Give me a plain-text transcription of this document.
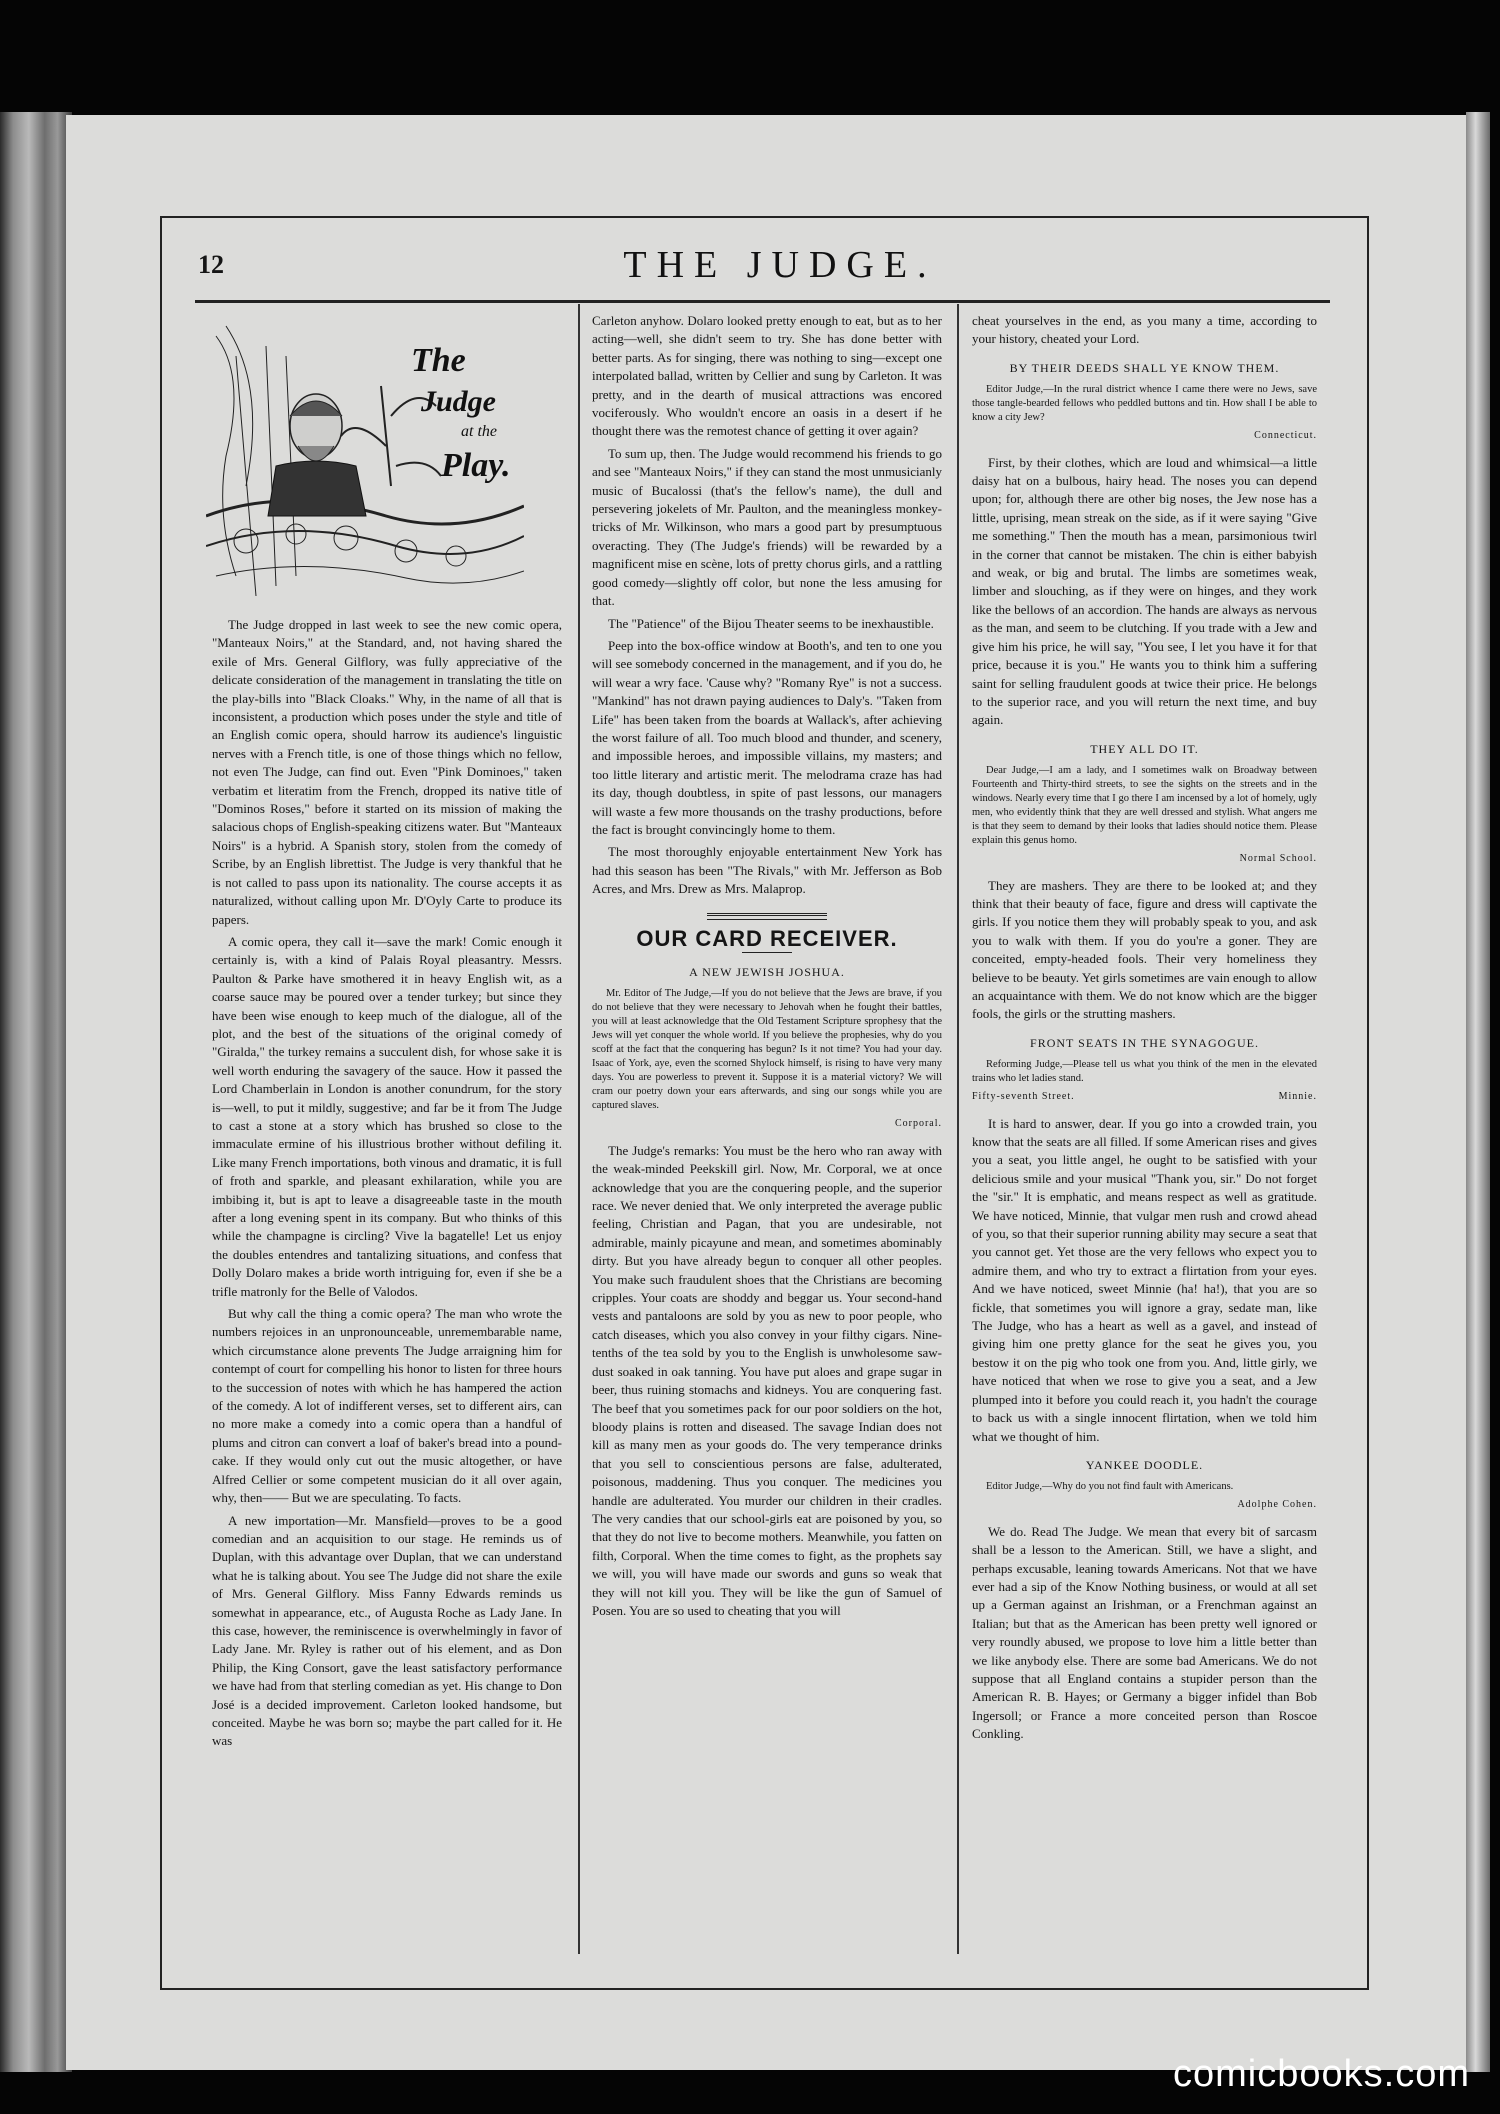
12	THE JUDGE.
The
Judge
at the
Play.

The Judge dropped in last week to see the new comic opera, "Manteaux Noirs," at the Standard, and, not having shared the exile of Mrs. General Gilflory, was fully appreciative of the delicate consideration of the management in translating the title on the play-bills into "Black Cloaks." Why, in the name of all that is inconsistent, a production which poses under the style and title of an English comic opera, should harrow its audience's linguistic nerves with a French title, is one of those things which no fellow, not even The Judge, can find out. Even "Pink Dominoes," taken verbatim et literatim from the French, dropped its native title of "Dominos Roses," before it started on its mission of making the salacious chops of English-speaking citizens water. But "Manteaux Noirs" is a hybrid. A Spanish story, stolen from the comedy of Scribe, by an English librettist. The Judge is very thankful that he is not called to pass upon its nationality. The course accepts it as naturalized, without calling upon Mr. D'Oyly Carte to produce its papers.

A comic opera, they call it—save the mark! Comic enough it certainly is, with a kind of Palais Royal pleasantry. Messrs. Paulton & Parke have smothered it in heavy English wit, as a coarse sauce may be poured over a tender turkey; but since they have been wise enough to keep much of the dialogue, all of the plot, and the best of the situations of the original comedy of "Giralda," the turkey remains a succulent dish, for whose sake it is well worth enduring the savagery of the sauce. How it passed the Lord Chamberlain in London is another conundrum, for the story is—well, to put it mildly, suggestive; and far be it from The Judge to cast a stone at a story which has brushed so close to the immaculate ermine of his illustrious brother without defiling it. Like many French importations, both vinous and dramatic, it is full of froth and sparkle, and pleasant exhilaration, while you are imbibing it, but is apt to leave a disagreeable taste in the mouth after a long evening spent in its company. But who thinks of this while the champagne is circling? Vive la bagatelle! Let us enjoy the doubles entendres and tantalizing situations, and confess that Dolly Dolaro makes a bride worth intriguing for, even if she be a trifle matronly for the Belle of Valodos.

But why call the thing a comic opera? The man who wrote the numbers rejoices in an unpronounceable, unremembarable name, which circumstance alone prevents The Judge arraigning him for contempt of court for compelling his honor to listen for three hours to the succession of notes with which he has hampered the action of the comedy. A lot of indifferent verses, set to different airs, can no more make a comedy into a comic opera than a handful of plums and citron can convert a loaf of baker's bread into a pound-cake. If they would only cut out the music altogether, or have Alfred Cellier or some competent musician do it all over again, why, then—— But we are speculating. To facts.

A new importation—Mr. Mansfield—proves to be a good comedian and an acquisition to our stage. He reminds us of Duplan, with this advantage over Duplan, that we can understand what he is talking about. You see The Judge did not share the exile of Mrs. General Gilflory. Miss Fanny Edwards reminds us somewhat in appearance, etc., of Augusta Roche as Lady Jane. In this case, however, the reminiscence is overwhelmingly in favor of Lady Jane. Mr. Ryley is rather out of his element, and as Don Philip, the King Consort, gave the least satisfactory performance we have had from that sterling comedian as yet. His change to Don José is a decided improvement. Carleton looked handsome, but conceited. Maybe he was born so; maybe the part called for it. He was

Carleton anyhow. Dolaro looked pretty enough to eat, but as to her acting—well, she didn't seem to try. She has done better with better parts. As for singing, there was nothing to sing—except one interpolated ballad, written by Cellier and sung by Carleton. It was pretty, and in the dearth of musical attractions was encored vociferously. Who wouldn't encore an oasis in a desert if he thought there was the remotest chance of getting it over again?

To sum up, then. The Judge would recommend his friends to go and see "Manteaux Noirs," if they can stand the most unmusicianly music of Bucalossi (that's the fellow's name), the dull and persevering jokelets of Mr. Paulton, and the meaningless monkey-tricks of Mr. Wilkinson, who mars a good part by presumptuous overacting. They (The Judge's friends) will be rewarded by a magnificent mise en scène, lots of pretty chorus girls, and a rattling good comedy—slightly off color, but none the less amusing for that.

The "Patience" of the Bijou Theater seems to be inexhaustible.

Peep into the box-office window at Booth's, and ten to one you will see somebody concerned in the management, and if you do, he will wear a wry face. 'Cause why? "Romany Rye" is not a success. "Mankind" has not drawn paying audiences to Daly's. "Taken from Life" has been taken from the boards at Wallack's, after achieving the worst failure of all. Too much blood and thunder, and scenery, and impossible heroes, and impossible villains, my masters; and too little literary and artistic merit. The melodrama craze has had its day, though doubtless, in spite of past lessons, our managers will waste a few more thousands on the trashy productions, before the fact is brought convincingly home to them.

The most thoroughly enjoyable entertainment New York has had this season has been "The Rivals," with Mr. Jefferson as Bob Acres, and Mrs. Drew as Mrs. Malaprop.

OUR CARD RECEIVER.
A NEW JEWISH JOSHUA.

Mr. Editor of The Judge,—If you do not believe that the Jews are brave, if you do not believe that they were necessary to Jehovah when he fought their battles, you will at least acknowledge that the Old Testament Scripture sprophesy that the Jews will yet conquer the whole world. If you believe the prophesies, why do you scoff at the fact that the conquering has begun? Is it not time? You had your day. Isaac of York, aye, even the scorned Shylock himself, is rising to have very many days. You are powerless to prevent it. Suppose it is a material victory? We will cram our poetry down your ears afterwards, and sing our songs while you are captured slaves.

Corporal.

The Judge's remarks: You must be the hero who ran away with the weak-minded Peekskill girl. Now, Mr. Corporal, we at once acknowledge that you are the conquering people, and the superior race. We never denied that. We only interpreted the average public feeling, Christian and Pagan, that you are undesirable, not admirable, mainly picayune and mean, and sometimes abominably dirty. But you have already begun to conquer all other peoples. You make such fraudulent shoes that the Christians are becoming cripples. Your coats are shoddy and beggar us. Your second-hand vests and pantaloons are sold by you as new to poor people, who catch diseases, which you also convey in your filthy cigars. Nine-tenths of the tea sold by you to the English is unwholesome saw-dust soaked in oak tanning. You have put aloes and grape sugar in beer, thus ruining stomachs and kidneys. You are conquering fast. The beef that you sometimes pack for our poor soldiers on the hot, bloody plains is rotten and diseased. The savage Indian does not kill as many men as your goods do. The very temperance drinks that you sell to conscientious persons are false, adulterated, poisonous, maddening. Thus you conquer. The medicines you handle are adulterated. You murder our children in their cradles. The very candies that our school-girls eat are poisoned by you, so that they do not live to become mothers. Meanwhile, you fatten on filth, Corporal. When the time comes to fight, as the prophets say we will, you will have made our swords and guns so weak that they will not kill you. They will be like the gun of Samuel of Posen. You are so used to cheating that you will

cheat yourselves in the end, as you many a time, according to your history, cheated your Lord.

BY THEIR DEEDS SHALL YE KNOW THEM.

Editor Judge,—In the rural district whence I came there were no Jews, save those tangle-bearded fellows who peddled buttons and tin. How shall I be able to know a city Jew?

Connecticut.

First, by their clothes, which are loud and whimsical—a little daisy hat on a bulbous, hairy head. The noses you can depend upon; for, although there are other big noses, the Jew nose has a little, uprising, mean streak on the side, as if it were saying "Give me something." Then the mouth has a mean, parsimonious twirl in the corner that cannot be mistaken. The chin is either babyish and weak, or big and brutal. The limbs are sometimes weak, limber and slouching, as if they were on hinges, and they work like the bellows of an accordion. The hands are always as nervous as the man, and seem to be clutching. If you trade with a Jew and give him his price, he will say, "You see, I let you have it for that price, because it is you." He wants you to think him a suffering saint for selling fraudulent goods at twice their price. He belongs to the superior race, and you will return the next time, and buy again.

THEY ALL DO IT.

Dear Judge,—I am a lady, and I sometimes walk on Broadway between Fourteenth and Thirty-third streets, to see the sights on the streets and in the windows. Nearly every time that I go there I am incensed by a lot of homely, ugly men, who evidently think that they are well dressed and stylish. What angers me is that they seem to demand by their looks that ladies should notice them. Please explain this genus homo.

Normal School.

They are mashers. They are there to be looked at; and they think that their beauty of face, figure and dress will captivate the girls. If you notice them they will probably speak to you, and ask you to walk with them. If you do you're a goner. They are conceited, empty-headed fools. Their very homeliness they believe to be beauty. Yet girls sometimes are vain enough to allow an acquaintance with them. We do not know which are the bigger fools, the girls or the strutting mashers.

FRONT SEATS IN THE SYNAGOGUE.

Reforming Judge,—Please tell us what you think of the men in the elevated trains who let ladies stand.

Fifty-seventh Street.	Minnie.

It is hard to answer, dear. If you go into a crowded train, you know that the seats are all filled. If some American rises and gives you a seat, you little angel, he ought to be satisfied with your delicious smile and your musical "Thank you, sir." Do not forget the "sir." It is emphatic, and means respect as well as gratitude. We have noticed, Minnie, that vulgar men rush and crowd ahead of you, so that their superior running ability may secure a seat that you cannot get. Yet those are the very fellows who expect you to admire them, and who try to extract a flirtation from your eyes. And we have noticed, sweet Minnie (ha! ha!), that you are so fickle, that sometimes you will ignore a gray, sedate man, like The Judge, who has a heart as well as a gavel, and instead of giving him one pretty glance for the seat he gives you, you bestow it on the pig who took one from you. And, little girly, we have noticed that when we rose to give you a seat, and a Jew plumped into it before you could reach it, you hadn't the courage to back us with a single innocent flirtation, when we told him what we thought of him.

YANKEE DOODLE.

Editor Judge,—Why do you not find fault with Americans.

Adolphe Cohen.

We do. Read The Judge. We mean that every bit of sarcasm shall be a lesson to the American. Still, we have a slight, and perhaps excusable, leaning towards Americans. Not that we have ever had a sip of the Know Nothing business, or would at all set up a German against an Irishman, or a Frenchman against an Italian; but that as the American has been pretty well ignored or very roundly abused, we propose to love him a little better than we like anybody else. There are some bad Americans. We do not suppose that all England contains a stupider person than the American R. B. Hayes; or Germany a bigger infidel than Bob Ingersoll; or France a more conceited person than Roscoe Conkling.

comicbooks.com
